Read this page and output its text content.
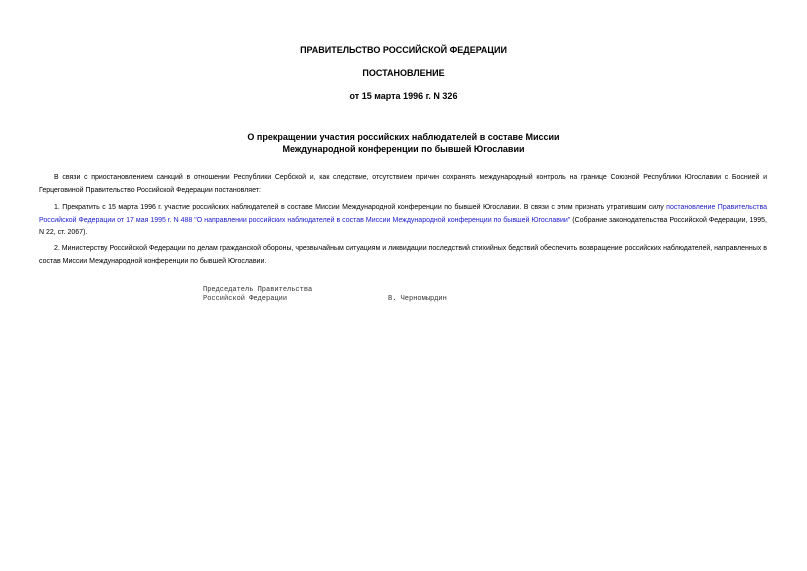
ПРАВИТЕЛЬСТВО РОССИЙСКОЙ ФЕДЕРАЦИИ
ПОСТАНОВЛЕНИЕ
от 15 марта 1996 г. N 326
О прекращении участия российских наблюдателей в составе Миссии
Международной конференции по бывшей Югославии
В связи с приостановлением санкций в отношении Республики Сербской и, как следствие, отсутствием причин сохранять международный контроль на границе Союзной Республики Югославии с Боснией и Герцеговиной Правительство Российской Федерации постановляет:
1. Прекратить с 15 марта 1996 г. участие российских наблюдателей в составе Миссии Международной конференции по бывшей Югославии. В связи с этим признать утратившим силу постановление Правительства Российской Федерации от 17 мая 1995 г. N 488 "О направлении российских наблюдателей в состав Миссии Международной конференции по бывшей Югославии" (Собрание законодательства Российской Федерации, 1995, N 22, ст. 2067).
2. Министерству Российской Федерации по делам гражданской обороны, чрезвычайным ситуациям и ликвидации последствий стихийных бедствий обеспечить возвращение российских наблюдателей, направленных в состав Миссии Международной конференции по бывшей Югославии.
Председатель Правительства
Российской Федерации	В. Черномырдин
